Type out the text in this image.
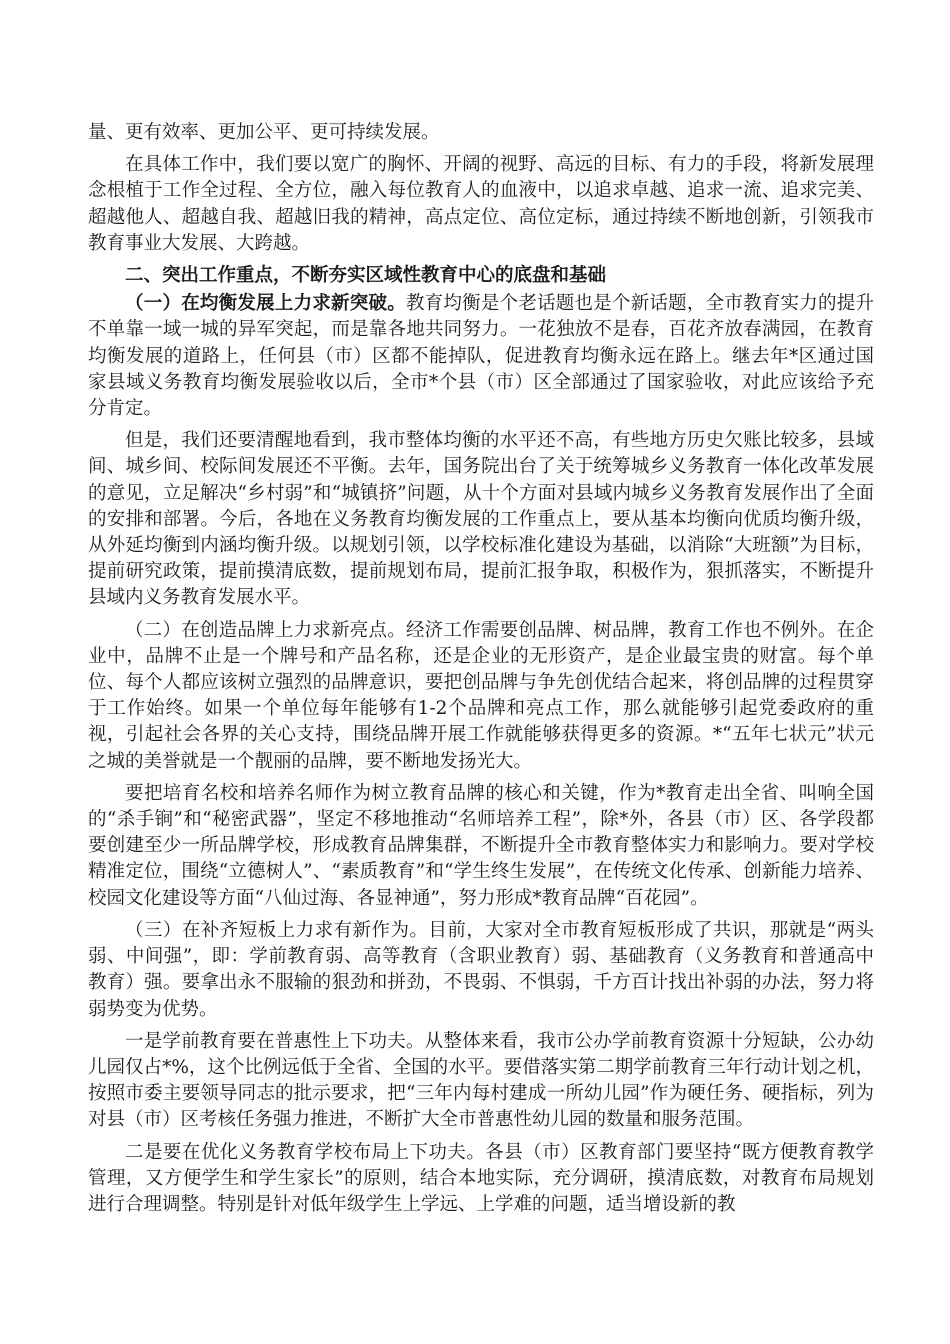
量、更有效率、更加公平、更可持续发展。

在具体工作中，我们要以宽广的胸怀、开阔的视野、高远的目标、有力的手段，将新发展理念根植于工作全过程、全方位，融入每位教育人的血液中，以追求卓越、追求一流、追求完美、超越他人、超越自我、超越旧我的精神，高点定位、高位定标，通过持续不断地创新，引领我市教育事业大发展、大跨越。

二、突出工作重点，不断夯实区域性教育中心的底盘和基础

（一）在均衡发展上力求新突破。教育均衡是个老话题也是个新话题，全市教育实力的提升不单靠一域一城的异军突起，而是靠各地共同努力。一花独放不是春，百花齐放春满园，在教育均衡发展的道路上，任何县（市）区都不能掉队，促进教育均衡永远在路上。继去年*区通过国家县域义务教育均衡发展验收以后，全市*个县（市）区全部通过了国家验收，对此应该给予充分肯定。

但是，我们还要清醒地看到，我市整体均衡的水平还不高，有些地方历史欠账比较多，县域间、城乡间、校际间发展还不平衡。去年，国务院出台了关于统筹城乡义务教育一体化改革发展的意见，立足解决“乡村弱”和“城镇挤”问题，从十个方面对县域内城乡义务教育发展作出了全面的安排和部署。今后，各地在义务教育均衡发展的工作重点上，要从基本均衡向优质均衡升级，从外延均衡到内涵均衡升级。以规划引领，以学校标准化建设为基础，以消除“大班额”为目标，提前研究政策，提前摸清底数，提前规划布局，提前汇报争取，积极作为，狠抓落实，不断提升县域内义务教育发展水平。

（二）在创造品牌上力求新亮点。经济工作需要创品牌、树品牌，教育工作也不例外。在企业中，品牌不止是一个牌号和产品名称，还是企业的无形资产，是企业最宝贵的财富。每个单位、每个人都应该树立强烈的品牌意识，要把创品牌与争先创优结合起来，将创品牌的过程贯穿于工作始终。如果一个单位每年能够有1-2个品牌和亮点工作，那么就能够引起党委政府的重视，引起社会各界的关心支持，围绕品牌开展工作就能够获得更多的资源。*“五年七状元”状元之城的美誉就是一个靓丽的品牌，要不断地发扬光大。

要把培育名校和培养名师作为树立教育品牌的核心和关键，作为*教育走出全省、叫响全国的“杀手锏”和“秘密武器”，坚定不移地推动“名师培养工程”，除*外，各县（市）区、各学段都要创建至少一所品牌学校，形成教育品牌集群，不断提升全市教育整体实力和影响力。要对学校精准定位，围绕“立德树人”、“素质教育”和“学生终生发展”，在传统文化传承、创新能力培养、校园文化建设等方面“八仙过海、各显神通”，努力形成*教育品牌“百花园”。

（三）在补齐短板上力求有新作为。目前，大家对全市教育短板形成了共识，那就是“两头弱、中间强”，即：学前教育弱、高等教育（含职业教育）弱、基础教育（义务教育和普通高中教育）强。要拿出永不服输的狠劲和拼劲，不畏弱、不惧弱，千方百计找出补弱的办法，努力将弱势变为优势。

一是学前教育要在普惠性上下功夫。从整体来看，我市公办学前教育资源十分短缺，公办幼儿园仅占*%，这个比例远低于全省、全国的水平。要借落实第二期学前教育三年行动计划之机，按照市委主要领导同志的批示要求，把“三年内每村建成一所幼儿园”作为硬任务、硬指标，列为对县（市）区考核任务强力推进，不断扩大全市普惠性幼儿园的数量和服务范围。

二是要在优化义务教育学校布局上下功夫。各县（市）区教育部门要坚持“既方便教育教学管理，又方便学生和学生家长”的原则，结合本地实际，充分调研，摸清底数，对教育布局规划进行合理调整。特别是针对低年级学生上学远、上学难的问题，适当增设新的教
